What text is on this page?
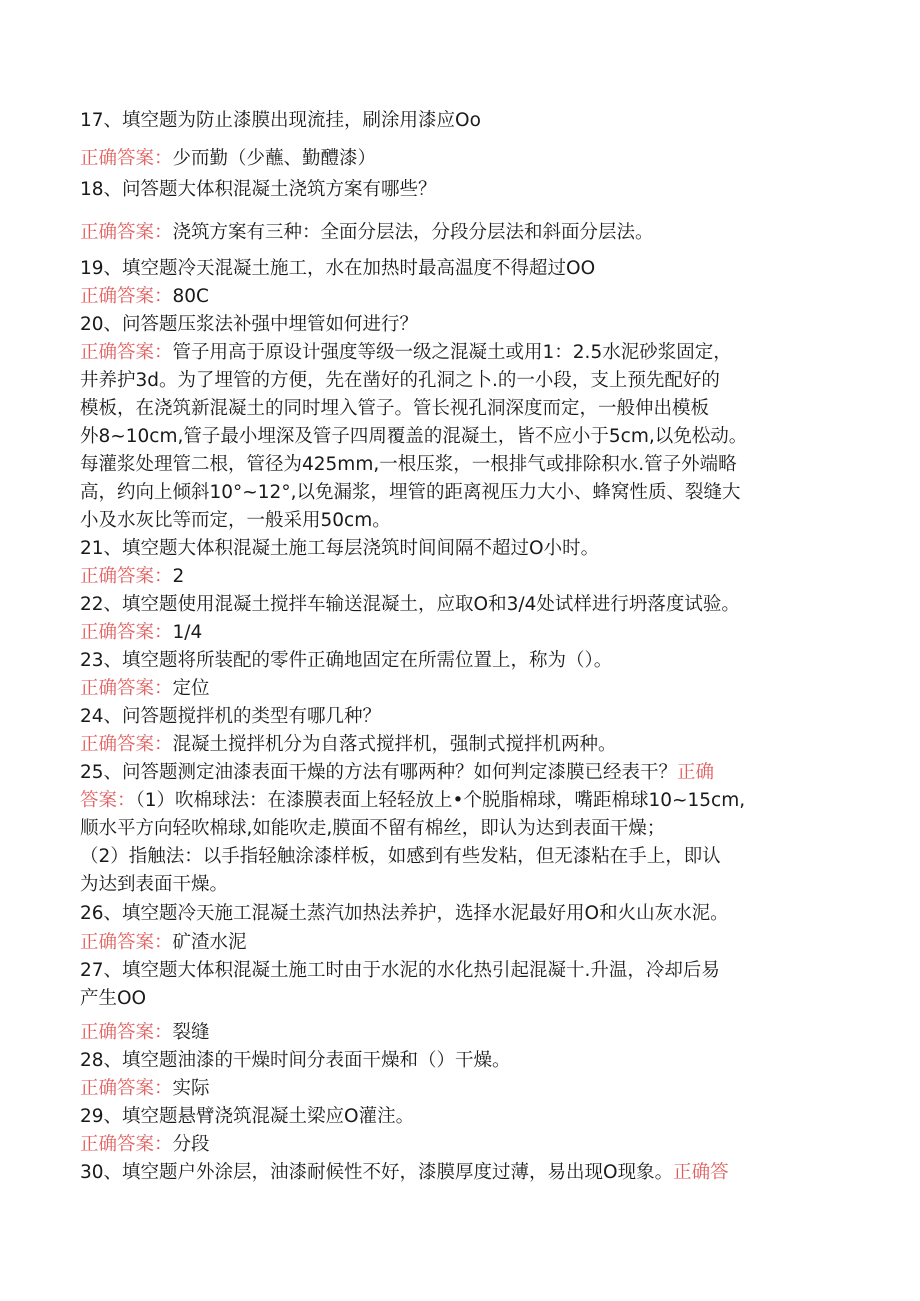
17、填空题为防止漆膜出现流挂，刷涂用漆应Oo
正确答案：少而勤（少蘸、勤醴漆）
18、问答题大体积混凝土浇筑方案有哪些？
正确答案：浇筑方案有三种：全面分层法，分段分层法和斜面分层法。
19、填空题冷天混凝土施工，水在加热时最高温度不得超过OO
正确答案：80C
20、问答题压浆法补强中埋管如何进行？
正确答案：管子用高于原设计强度等级一级之混凝土或用1：2.5水泥砂浆固定，
井养护3d。为了埋管的方便，先在凿好的孔洞之卜.的一小段，支上预先配好的
模板，在浇筑新混凝土的同时埋入管子。管长视孔洞深度而定，一般伸出模板
外8~10cm,管子最小埋深及管子四周覆盖的混凝土，皆不应小于5cm,以免松动。
每灌浆处理管二根，管径为425mm,一根压浆，一根排气或排除积水.管子外端略
高，约向上倾斜10°~12°,以免漏浆，埋管的距离视压力大小、蜂窝性质、裂缝大
小及水灰比等而定，一般采用50cm。
21、填空题大体积混凝土施工每层浇筑时间间隔不超过O小时。
正确答案：2
22、填空题使用混凝土搅拌车输送混凝土，应取O和3/4处试样进行坍落度试验。
正确答案：1/4
23、填空题将所装配的零件正确地固定在所需位置上，称为（）。
正确答案：定位
24、问答题搅拌机的类型有哪几种？
正确答案：混凝土搅拌机分为自落式搅拌机，强制式搅拌机两种。
25、问答题测定油漆表面干燥的方法有哪两种？如何判定漆膜已经表干？正确
答案：（1）吹棉球法：在漆膜表面上轻轻放上•个脱脂棉球，嘴距棉球10~15cm,
顺水平方向轻吹棉球,如能吹走,膜面不留有棉丝，即认为达到表面干燥；
（2）指触法：以手指轻触涂漆样板，如感到有些发粘，但无漆粘在手上，即认
为达到表面干燥。
26、填空题冷天施工混凝土蒸汽加热法养护，选择水泥最好用O和火山灰水泥。
正确答案：矿渣水泥
27、填空题大体积混凝土施工时由于水泥的水化热引起混凝十.升温，冷却后易
产生OO
正确答案：裂缝
28、填空题油漆的干燥时间分表面干燥和（）干燥。
正确答案：实际
29、填空题悬臂浇筑混凝土梁应O灌注。
正确答案：分段
30、填空题户外涂层，油漆耐候性不好，漆膜厚度过薄，易出现O现象。正确答
